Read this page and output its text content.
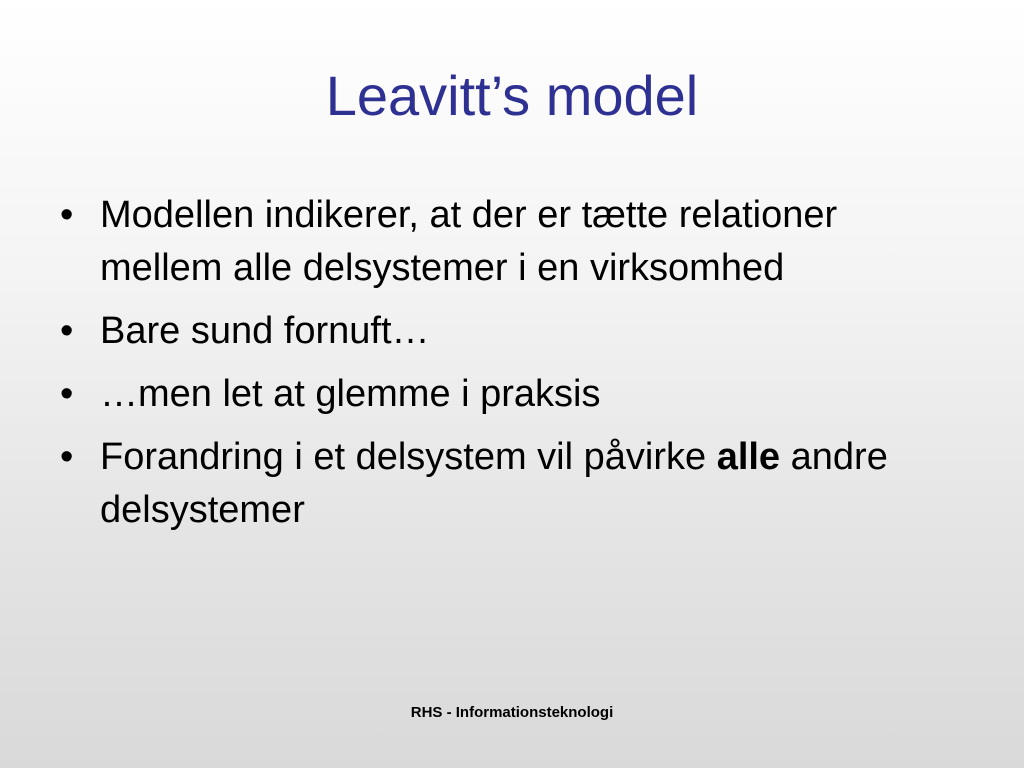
Leavitt’s model
• Modellen indikerer, at der er tætte relationer mellem alle delsystemer i en virksomhed
• Bare sund fornuft…
• …men let at glemme i praksis
• Forandring i et delsystem vil påvirke alle andre delsystemer
RHS - Informationsteknologi
